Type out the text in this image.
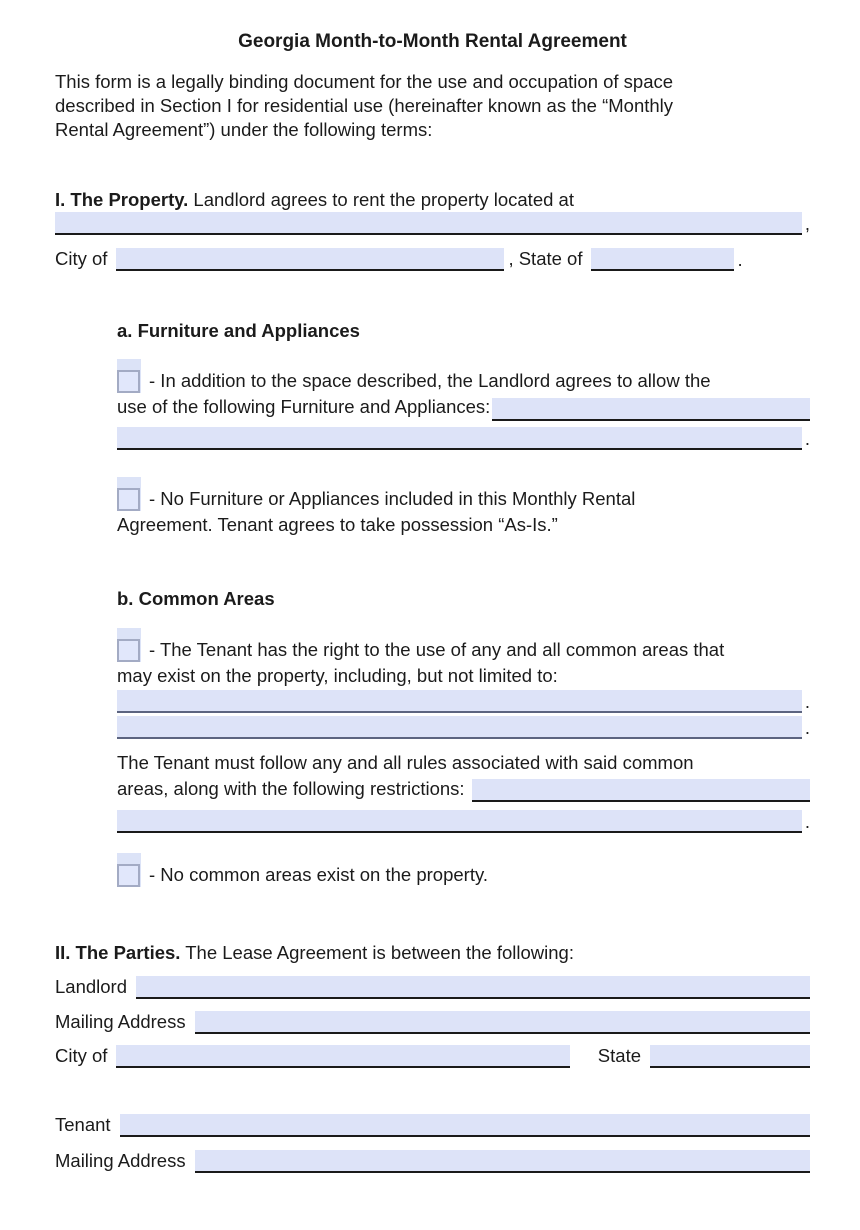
Georgia Month-to-Month Rental Agreement
This form is a legally binding document for the use and occupation of space
described in Section I for residential use (hereinafter known as the “Monthly
Rental Agreement”) under the following terms:
I. The Property. Landlord agrees to rent the property located at
,
City of	, State of	.
a. Furniture and Appliances
- In addition to the space described, the Landlord agrees to allow the
use of the following Furniture and Appliances:
.
- No Furniture or Appliances included in this Monthly Rental
Agreement. Tenant agrees to take possession “As-Is.”
b. Common Areas
- The Tenant has the right to the use of any and all common areas that
may exist on the property, including, but not limited to:
.
.
The Tenant must follow any and all rules associated with said common
areas, along with the following restrictions:
.
- No common areas exist on the property.
II. The Parties. The Lease Agreement is between the following:
Landlord
Mailing Address
City of	State
Tenant
Mailing Address
